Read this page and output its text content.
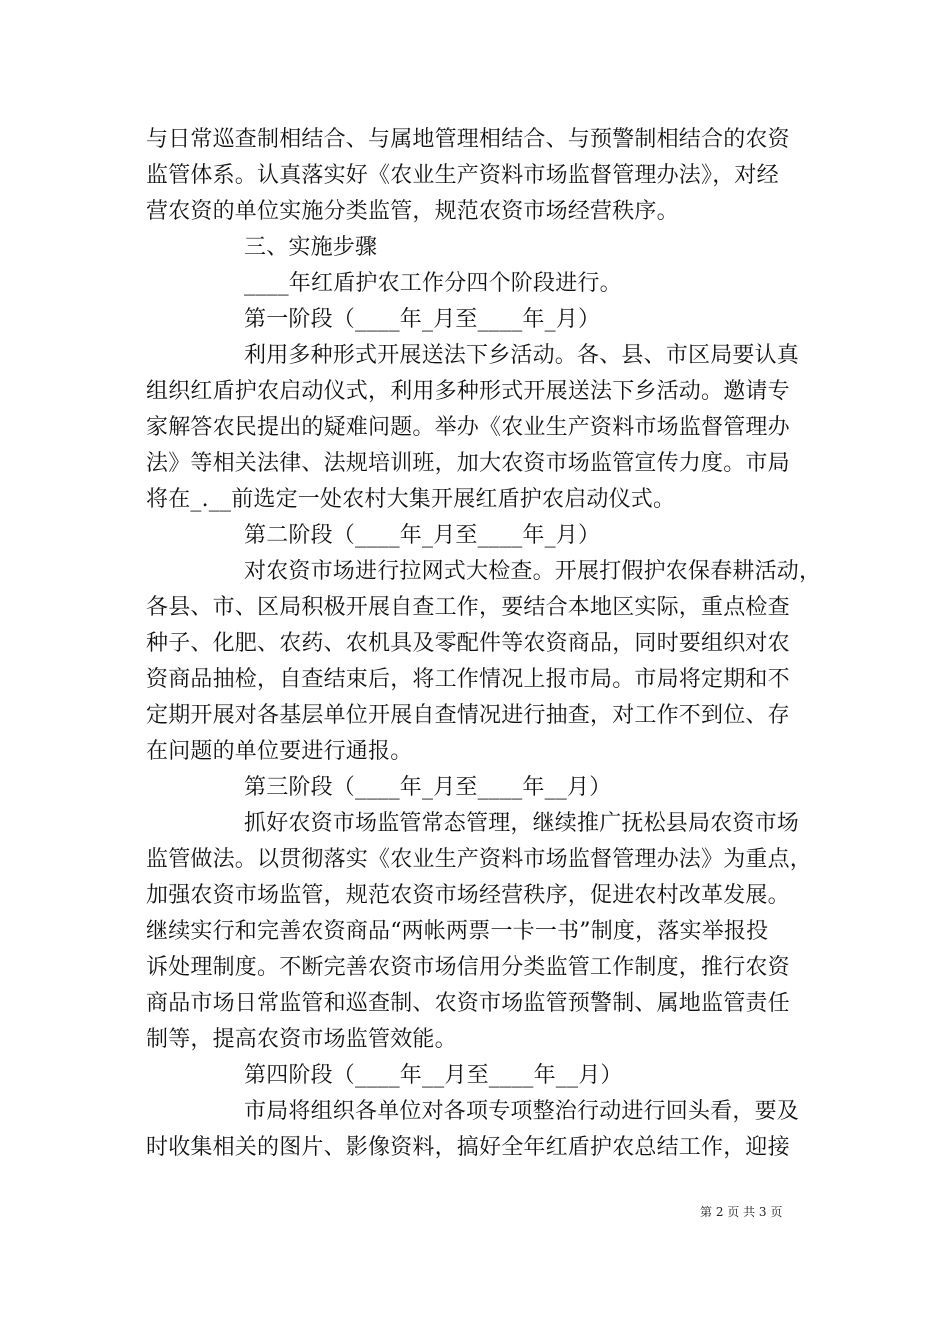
与日常巡查制相结合、与属地管理相结合、与预警制相结合的农资
监管体系。认真落实好《农业生产资料市场监督管理办法》，对经
营农资的单位实施分类监管，规范农资市场经营秩序。
三、实施步骤
____年红盾护农工作分四个阶段进行。
第一阶段（____年_月至____年_月）
利用多种形式开展送法下乡活动。各、县、市区局要认真
组织红盾护农启动仪式，利用多种形式开展送法下乡活动。邀请专
家解答农民提出的疑难问题。举办《农业生产资料市场监督管理办
法》等相关法律、法规培训班，加大农资市场监管宣传力度。市局
将在_.__前选定一处农村大集开展红盾护农启动仪式。
第二阶段（____年_月至____年_月）
对农资市场进行拉网式大检查。开展打假护农保春耕活动，
各县、市、区局积极开展自查工作，要结合本地区实际，重点检查
种子、化肥、农药、农机具及零配件等农资商品，同时要组织对农
资商品抽检，自查结束后，将工作情况上报市局。市局将定期和不
定期开展对各基层单位开展自查情况进行抽查，对工作不到位、存
在问题的单位要进行通报。
第三阶段（____年_月至____年__月）
抓好农资市场监管常态管理，继续推广抚松县局农资市场
监管做法。以贯彻落实《农业生产资料市场监督管理办法》为重点，
加强农资市场监管，规范农资市场经营秩序，促进农村改革发展。
继续实行和完善农资商品“两帐两票一卡一书”制度，落实举报投
诉处理制度。不断完善农资市场信用分类监管工作制度，推行农资
商品市场日常监管和巡查制、农资市场监管预警制、属地监管责任
制等，提高农资市场监管效能。
第四阶段（____年__月至____年__月）
市局将组织各单位对各项专项整治行动进行回头看，要及
时收集相关的图片、影像资料，搞好全年红盾护农总结工作，迎接
第 2 页 共 3 页
